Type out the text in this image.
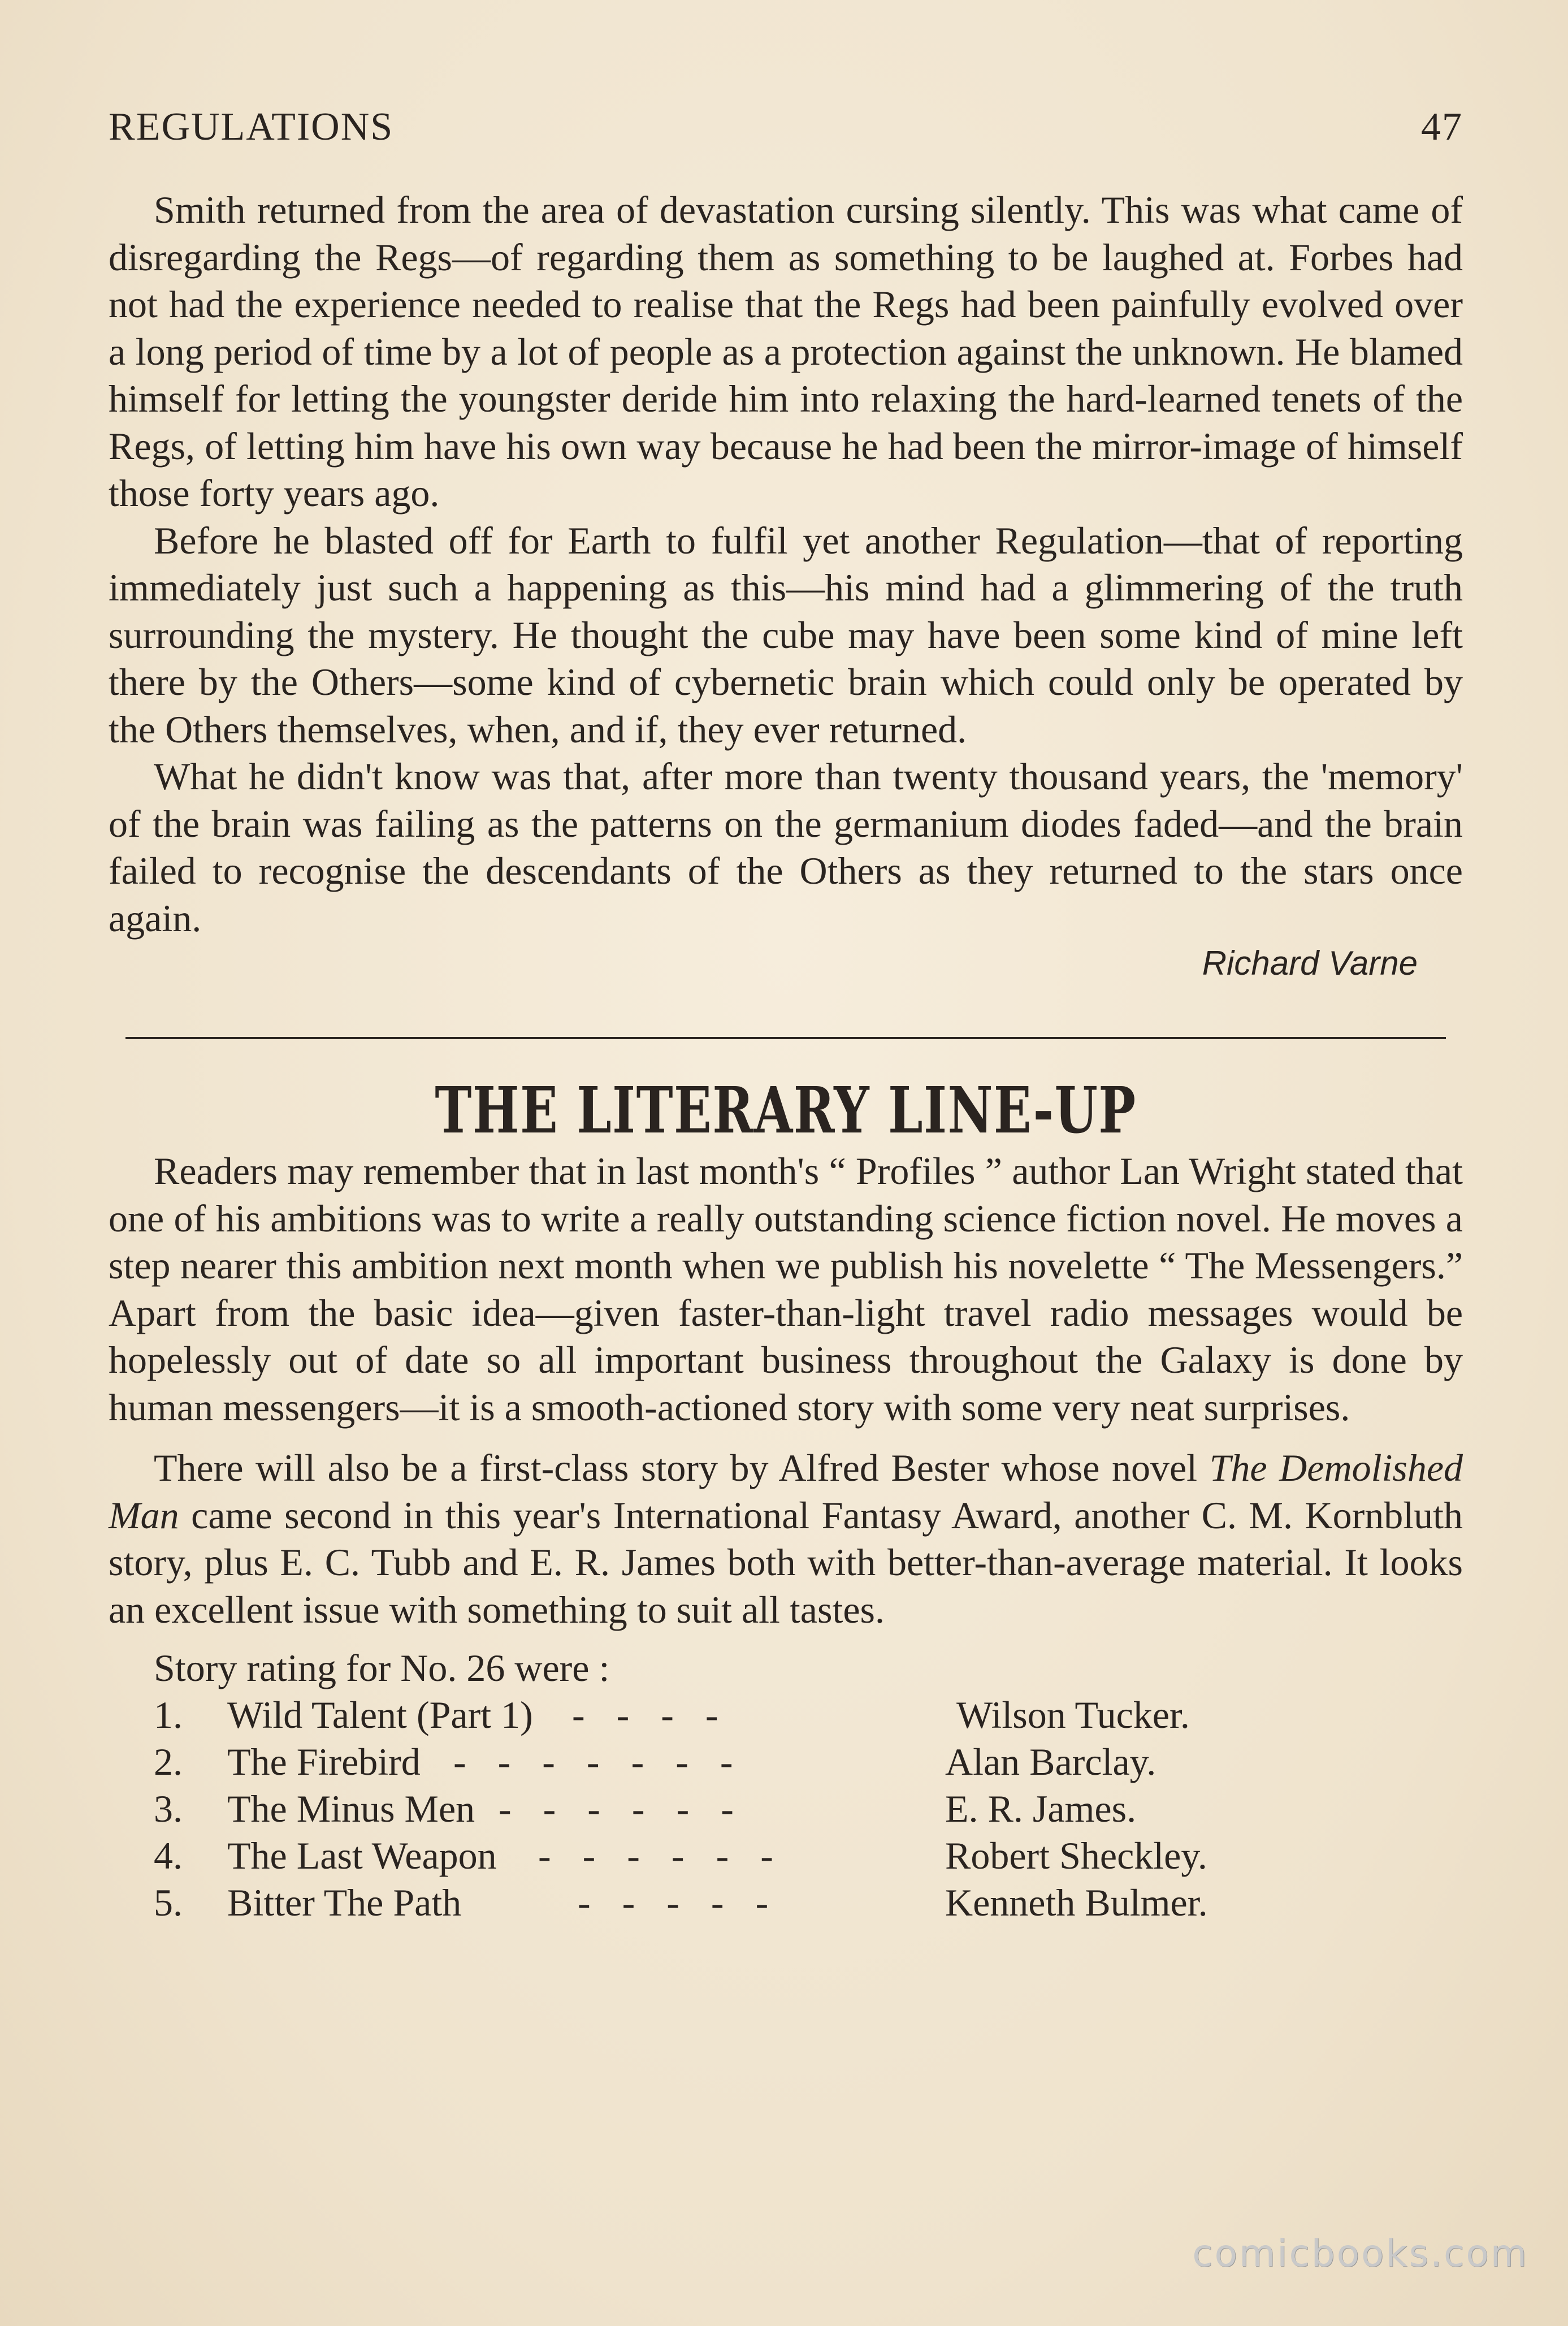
REGULATIONS	47

Smith returned from the area of devastation cursing silently. This was what came of disregarding the Regs—of regarding them as something to be laughed at. Forbes had not had the experience needed to realise that the Regs had been painfully evolved over a long period of time by a lot of people as a protection against the unknown. He blamed himself for letting the youngster deride him into relaxing the hard-learned tenets of the Regs, of letting him have his own way because he had been the mirror-image of himself those forty years ago.

Before he blasted off for Earth to fulfil yet another Regulation—that of reporting immediately just such a happening as this—his mind had a glimmering of the truth surrounding the mystery. He thought the cube may have been some kind of mine left there by the Others—some kind of cybernetic brain which could only be operated by the Others themselves, when, and if, they ever returned.

What he didn't know was that, after more than twenty thousand years, the 'memory' of the brain was failing as the patterns on the germanium diodes faded—and the brain failed to recognise the descendants of the Others as they returned to the stars once again.

Richard Varne
THE LITERARY LINE-UP

Readers may remember that in last month's “ Profiles ” author Lan Wright stated that one of his ambitions was to write a really outstanding science fiction novel. He moves a step nearer this ambition next month when we publish his novelette “ The Messengers.” Apart from the basic idea—given faster-than-light travel radio messages would be hopelessly out of date so all important business throughout the Galaxy is done by human messengers—it is a smooth-actioned story with some very neat surprises.

There will also be a first-class story by Alfred Bester whose novel The Demolished Man came second in this year's International Fantasy Award, another C. M. Kornbluth story, plus E. C. Tubb and E. R. James both with better-than-average material. It looks an excellent issue with something to suit all tastes.

Story rating for No. 26 were :
1.	Wild Talent (Part 1)	----	Wilson Tucker.
2.	The Firebird -------	Alan Barclay.
3.	The Minus Men ------	E. R. James.
4.	The Last Weapon	------	Robert Sheckley.
5.	Bitter The Path	-----	Kenneth Bulmer.
comicbooks.com
